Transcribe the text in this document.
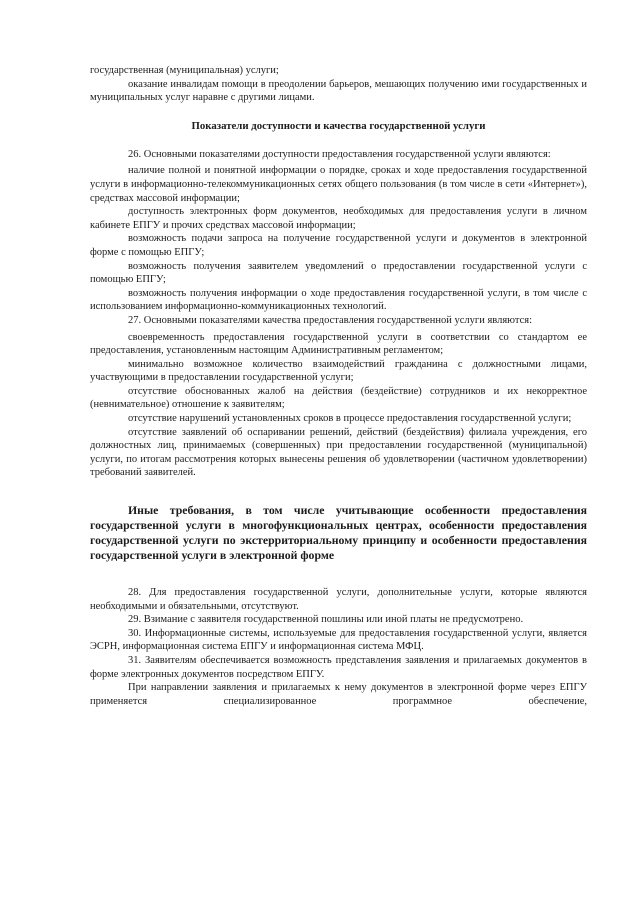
государственная (муниципальная) услуги;

оказание инвалидам помощи в преодолении барьеров, мешающих получению ими государственных и муниципальных услуг наравне с другими лицами.

Показатели доступности и качества государственной услуги

26. Основными показателями доступности предоставления государственной услуги являются:

наличие полной и понятной информации о порядке, сроках и ходе предоставления государственной услуги в информационно-телекоммуникационных сетях общего пользования (в том числе в сети «Интернет»), средствах массовой информации;

доступность электронных форм документов, необходимых для предоставления услуги в личном кабинете ЕПГУ и прочих средствах массовой информации;

возможность подачи запроса на получение государственной услуги и документов в электронной форме с помощью ЕПГУ;

возможность получения заявителем уведомлений о предоставлении государственной услуги с помощью ЕПГУ;

возможность получения информации о ходе предоставления государственной услуги, в том числе с использованием информационно-коммуникационных технологий.

27. Основными показателями качества предоставления государственной услуги являются:

своевременность предоставления государственной услуги в соответствии со стандартом ее предоставления, установленным настоящим Административным регламентом;

минимально возможное количество взаимодействий гражданина с должностными лицами, участвующими в предоставлении государственной услуги;

отсутствие обоснованных жалоб на действия (бездействие) сотрудников и их некорректное (невнимательное) отношение к заявителям;

отсутствие нарушений установленных сроков в процессе предоставления государственной услуги;

отсутствие заявлений об оспаривании решений, действий (бездействия) филиала учреждения, его должностных лиц, принимаемых (совершенных) при предоставлении государственной (муниципальной) услуги, по итогам рассмотрения которых вынесены решения об удовлетворении (частичном удовлетворении) требований заявителей.

Иные требования, в том числе учитывающие особенности предоставления государственной услуги в многофункциональных центрах, особенности предоставления государственной услуги по экстерриториальному принципу и особенности предоставления государственной услуги в электронной форме

28. Для предоставления государственной услуги, дополнительные услуги, которые являются необходимыми и обязательными, отсутствуют.

29. Взимание с заявителя государственной пошлины или иной платы не предусмотрено.

30. Информационные системы, используемые для предоставления государственной услуги, является ЭСРН, информационная система ЕПГУ и информационная система МФЦ.

31. Заявителям обеспечивается возможность представления заявления и прилагаемых документов в форме электронных документов посредством ЕПГУ.

При направлении заявления и прилагаемых к нему документов в электронной форме через ЕПГУ применяется специализированное программное обеспечение,
